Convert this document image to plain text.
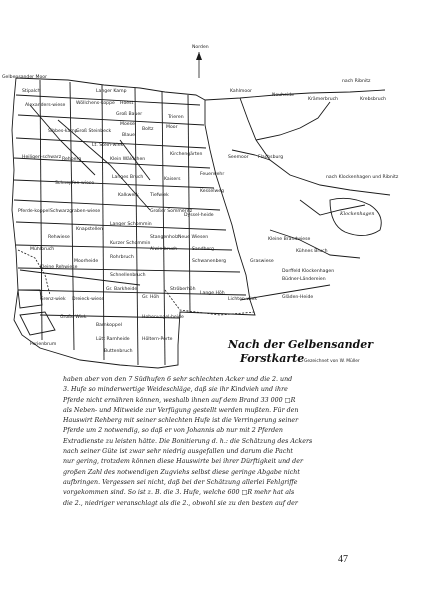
Norden
Gelbensander Moor
Stipalch
Alexanders-wiese Wöllchens-koppe
Langer Kamp
Hoest
Groß Bauer
Moese
Blaue
Trieren
Moor
Boltz
Kahlmoor
Sibbes-kamp
Groß Steinbeck
Lt. Stein-wiek
Neuheide
nach Ribnitz
Krebsbruch
Krämerbruch
Heiligen-schwarz Rehberg	Flachsburg
Seemoor
Klein Wäldchen
Kirchengärten
Schnepfen-wiese
Langes Bruch	Kaisers
Feuerwehr
Kalkwerk Tiefwiek
Großer Sommeritz
Langer Schommin
Kesselweg
Klockenhagen
nach Klockenhagen und Ribnitz
Dyssel-heide
Neue Wiesen	Kleine Brandwiese
Kühnes Bruch
Graswiese
Dorffeld Klockenhagen
Büdner-Ländereien
Gläden-Heide
Pferde-koppel Schwarzgraben-wiese
Knapstellen
Kurzer Schommin
Rehwiese
Mühlbruch
Stangenholz
Aiwin-bruch	Sandberg
Schwanenberg
Rohrbruch
Moorheide
Kleine Rehwiese
Schnellenbruch
Gr. Barkheide
Gr. Höh
Ströberhöh
Lange Höh
Lichten-wiek
Grenz-wiek Dreieck-wiese
Große Wiek
Barnkoppel
Ferienbrum
Lütt Ramheide
Buttenbruch
Höltern-Porte
Hohenvogel-heide
Nach der Gelbensander
Forstkarte Gezeichnet von W. Müller

haben aber von den 7 Südhufen 6 sehr schlechten Acker und die 2. und
3. Hufe so minderwertige Weideschläge, daß sie ihr Kindvieh und ihre
Pferde nicht ernähren können, weshalb ihnen auf dem Brand 33 000 □R
als Neben- und Mitweide zur Verfügung gestellt werden mußten. Für den
Hauswirt Rehberg mit seiner schlechten Hufe ist die Verringerung seiner
Pferde um 2 notwendig, so daß er von Johannis ab nur mit 2 Pferden
Extradienste zu leisten hätte. Die Bonitierung d. h.: die Schätzung des Ackers
nach seiner Güte ist zwar sehr niedrig ausgefallen und darum die Pacht
nur gering, trotzdem können diese Hauswirte bei ihrer Dürftigkeit und der
großen Zahl des notwendigen Zugviehs selbst diese geringe Abgabe nicht
aufbringen. Vergessen sei nicht, daß bei der Schätzung allerlei Fehlgriffe
vorgekommen sind. So ist z. B. die 3. Hufe, welche 600 □R mehr hat als
die 2., niedriger veranschlagt als die 2., obwohl sie zu den besten auf der

47
